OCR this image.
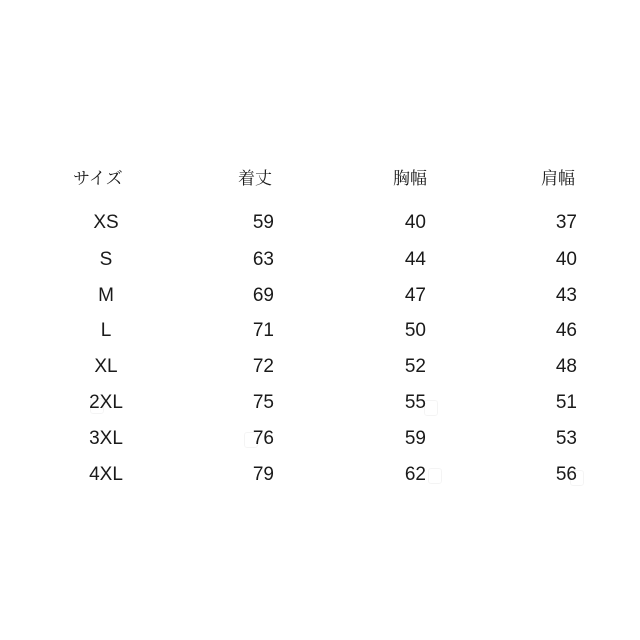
サイズ	着丈	胸幅	肩幅
XS	59	40	37
S	63	44	40
M	69	47	43
L	71	50	46
XL	72	52	48
2XL	75	55	51
3XL	76	59	53
4XL	79	62	56
